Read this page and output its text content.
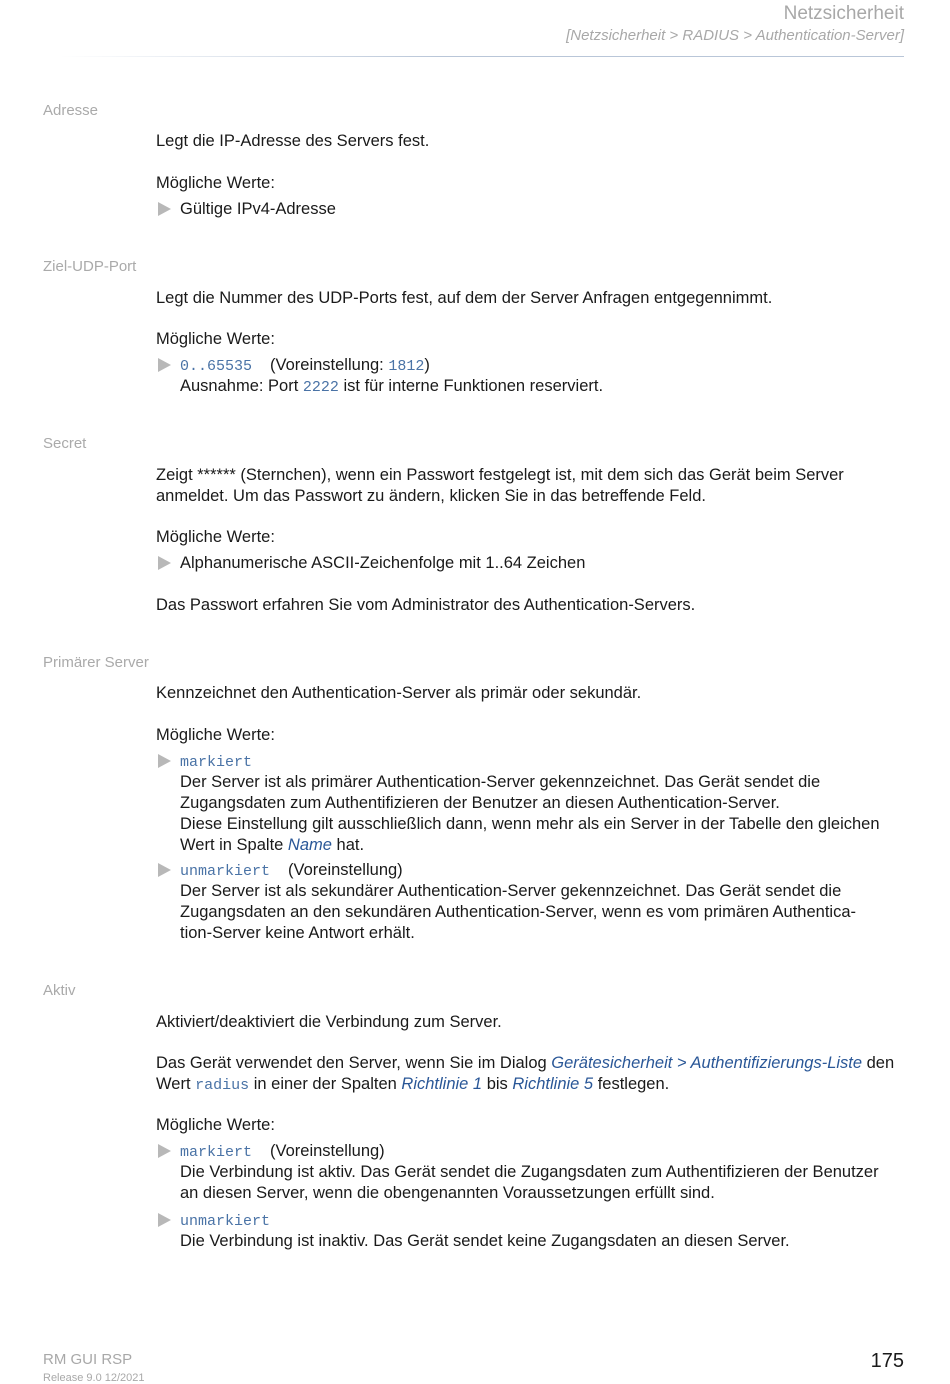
Netzsicherheit
[Netzsicherheit > RADIUS > Authentication-Server]
Adresse
Legt die IP-Adresse des Servers fest.
Mögliche Werte:
Gültige IPv4-Adresse
Ziel-UDP-Port
Legt die Nummer des UDP-Ports fest, auf dem der Server Anfragen entgegennimmt.
Mögliche Werte:
0..65535 (Voreinstellung: 1812)
Ausnahme: Port 2222 ist für interne Funktionen reserviert.
Secret
Zeigt ****** (Sternchen), wenn ein Passwort festgelegt ist, mit dem sich das Gerät beim Server
anmeldet. Um das Passwort zu ändern, klicken Sie in das betreffende Feld.
Mögliche Werte:
Alphanumerische ASCII-Zeichenfolge mit 1..64 Zeichen
Das Passwort erfahren Sie vom Administrator des Authentication-Servers.
Primärer Server
Kennzeichnet den Authentication-Server als primär oder sekundär.
Mögliche Werte:
markiert
Der Server ist als primärer Authentication-Server gekennzeichnet. Das Gerät sendet die
Zugangsdaten zum Authentifizieren der Benutzer an diesen Authentication-Server.
Diese Einstellung gilt ausschließlich dann, wenn mehr als ein Server in der Tabelle den gleichen
Wert in Spalte Name hat.
unmarkiert (Voreinstellung)
Der Server ist als sekundärer Authentication-Server gekennzeichnet. Das Gerät sendet die
Zugangsdaten an den sekundären Authentication-Server, wenn es vom primären Authentica-
tion-Server keine Antwort erhält.
Aktiv
Aktiviert/deaktiviert die Verbindung zum Server.
Das Gerät verwendet den Server, wenn Sie im Dialog Gerätesicherheit > Authentifizierungs-Liste den
Wert radius in einer der Spalten Richtlinie 1 bis Richtlinie 5 festlegen.
Mögliche Werte:
markiert (Voreinstellung)
Die Verbindung ist aktiv. Das Gerät sendet die Zugangsdaten zum Authentifizieren der Benutzer
an diesen Server, wenn die obengenannten Voraussetzungen erfüllt sind.
unmarkiert
Die Verbindung ist inaktiv. Das Gerät sendet keine Zugangsdaten an diesen Server.
RM GUI RSP
Release 9.0 12/2021
175
